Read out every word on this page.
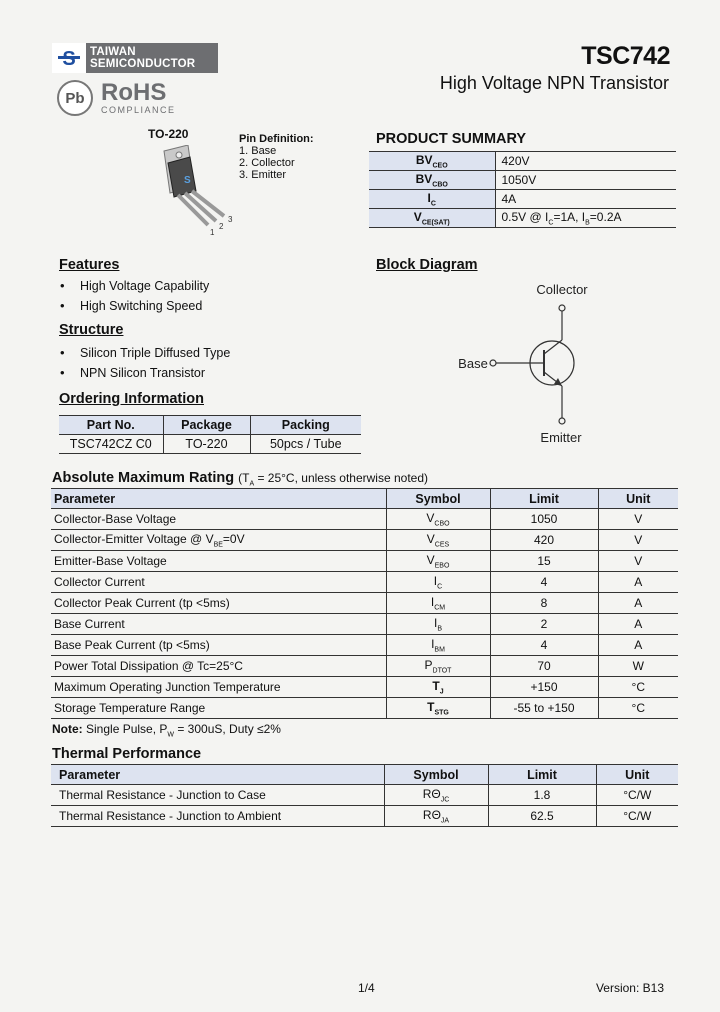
TAIWAN
SEMICONDUCTOR	TSC742
High Voltage NPN Transistor
Pb RoHS
COMPLIANCE
TO-220
S
1
2
3
Pin Definition:
1. Base
2. Collector
3. Emitter
PRODUCT SUMMARY
$BV_{CEO}$	420V
$BV_{CBO}$	1050V
$I_C$	4A
$V_{CE(SAT)}$	0.5V @ $I_C=1A$, $I_B=0.2A$
Features
• High Voltage Capability
• High Switching Speed
Structure
• Silicon Triple Diffused Type
• NPN Silicon Transistor
Ordering Information
Part No.	Package	Packing
TSC742CZ C0	TO-220	50pcs / Tube
Block Diagram
Collector
Base
Emitter
Absolute Maximum Rating ($T_A = 25^\circ C$, unless otherwise noted)
Parameter	Symbol	Limit	Unit
Collector-Base Voltage	$V_{CBO}$	1050	V
Collector-Emitter Voltage @ $V_{BE}=0V$	$V_{CES}$	420	V
Emitter-Base Voltage	$V_{EBO}$	15	V
Collector Current	$I_C$	4	A
Collector Peak Current (tp <5ms)	$I_{CM}$	8	A
Base Current	$I_B$	2	A
Base Peak Current (tp <5ms)	$I_{BM}$	4	A
Power Total Dissipation @ Tc=25°C	$P_{DTOT}$	70	W
Maximum Operating Junction Temperature	$T_J$	+150	°C
Storage Temperature Range	$T_{STG}$	-55 to +150	°C
Note: Single Pulse, $P_W = 300uS$, Duty ≤2%
Thermal Performance
Parameter	Symbol	Limit	Unit
Thermal Resistance - Junction to Case	$R\Theta_{JC}$	1.8	°C/W
Thermal Resistance - Junction to Ambient	$R\Theta_{JA}$	62.5	°C/W
1/4	Version: B13
